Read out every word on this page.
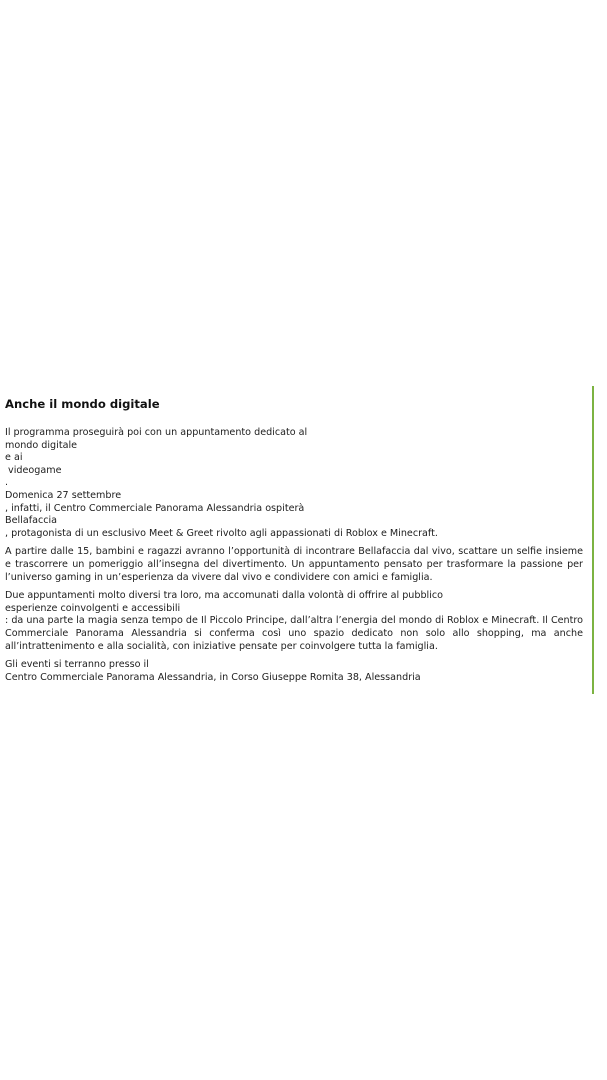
Anche il mondo digitale

Il programma proseguirà poi con un appuntamento dedicato al
mondo digitale
e ai
videogame
.
Domenica 27 settembre
, infatti, il Centro Commerciale Panorama Alessandria ospiterà
Bellafaccia
, protagonista di un esclusivo Meet & Greet rivolto agli appassionati di Roblox e Minecraft.

A partire dalle 15, bambini e ragazzi avranno l’opportunità di incontrare Bellafaccia dal vivo, scattare un selfie insieme e trascorrere un pomeriggio all’insegna del divertimento. Un appuntamento pensato per trasformare la passione per l’universo gaming in un’esperienza da vivere dal vivo e condividere con amici e famiglia.

Due appuntamenti molto diversi tra loro, ma accomunati dalla volontà di offrire al pubblico
esperienze coinvolgenti e accessibili
: da una parte la magia senza tempo de Il Piccolo Principe, dall’altra l’energia del mondo di Roblox e Minecraft. Il Centro Commerciale Panorama Alessandria si conferma così uno spazio dedicato non solo allo shopping, ma anche all’intrattenimento e alla socialità, con iniziative pensate per coinvolgere tutta la famiglia.

Gli eventi si terranno presso il
Centro Commerciale Panorama Alessandria, in Corso Giuseppe Romita 38, Alessandria
